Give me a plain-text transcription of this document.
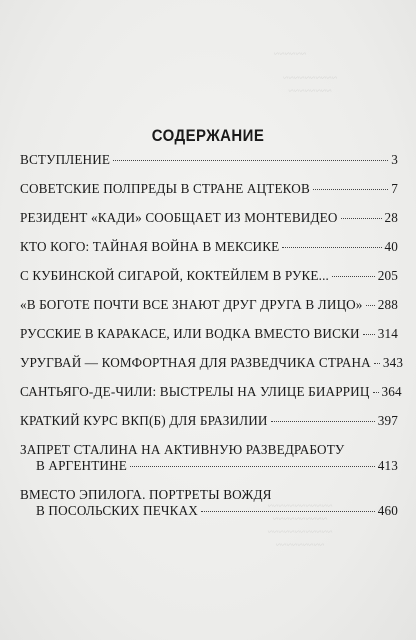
~~~~~~
~~~~~~~~~~
~~~~~~~~
~~~~~~~~~~~~
~~~~~~~~~~
~~~~~~~~~~~~
~~~~~~~~~
СОДЕРЖАНИЕ
ВСТУПЛЕНИЕ	3
СОВЕТСКИЕ ПОЛПРЕДЫ В СТРАНЕ АЦТЕКОВ	7
РЕЗИДЕНТ «КАДИ» СООБЩАЕТ ИЗ МОНТЕВИДЕО	28
КТО КОГО: ТАЙНАЯ ВОЙНА В МЕКСИКЕ	40
С КУБИНСКОЙ СИГАРОЙ, КОКТЕЙЛЕМ В РУКЕ...	205
«В БОГОТЕ ПОЧТИ ВСЕ ЗНАЮТ ДРУГ ДРУГА В ЛИЦО» 288
РУССКИЕ В КАРАКАСЕ, ИЛИ ВОДКА ВМЕСТО ВИСКИ 314
УРУГВАЙ — КОМФОРТНАЯ ДЛЯ РАЗВЕДЧИКА СТРАНА 343
САНТЬЯГО-ДЕ-ЧИЛИ: ВЫСТРЕЛЫ НА УЛИЦЕ БИАРРИЦ 364
КРАТКИЙ КУРС ВКП(Б) ДЛЯ БРАЗИЛИИ	397
ЗАПРЕТ СТАЛИНА НА АКТИВНУЮ РАЗВЕДРАБОТУ
В АРГЕНТИНЕ	413
ВМЕСТО ЭПИЛОГА. ПОРТРЕТЫ ВОЖДЯ
В ПОСОЛЬСКИХ ПЕЧКАХ	460
